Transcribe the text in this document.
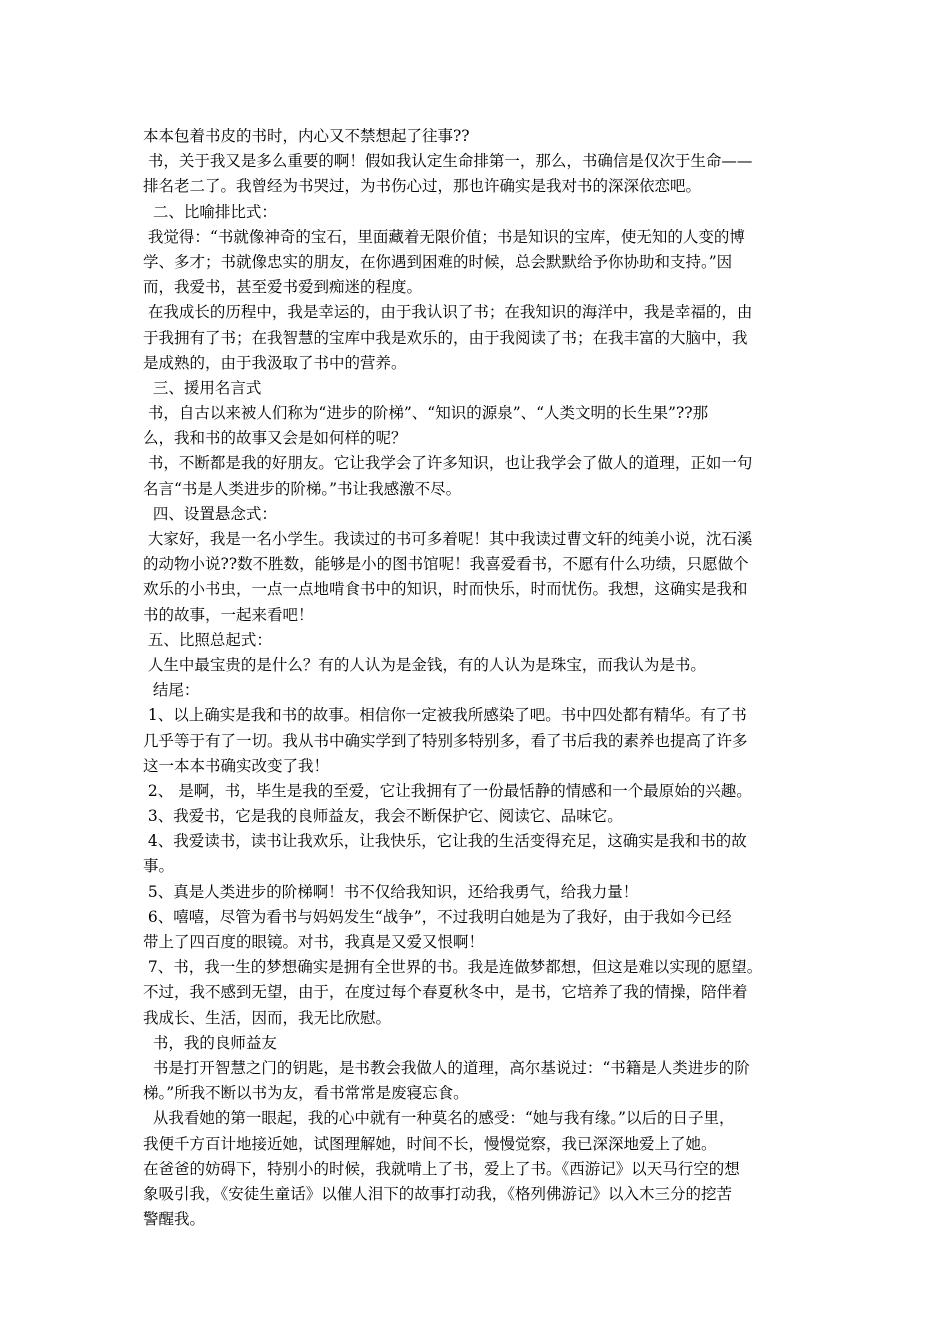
本本包着书皮的书时，内心又不禁想起了往事??
书，关于我又是多么重要的啊！假如我认定生命排第一，那么，书确信是仅次于生命——
排名老二了。我曾经为书哭过，为书伤心过，那也许确实是我对书的深深依恋吧。
二、比喻排比式：
我觉得：“书就像神奇的宝石，里面藏着无限价值；书是知识的宝库，使无知的人变的博
学、多才；书就像忠实的朋友，在你遇到困难的时候，总会默默给予你协助和支持。”因
而，我爱书，甚至爱书爱到痴迷的程度。
在我成长的历程中，我是幸运的，由于我认识了书；在我知识的海洋中，我是幸福的，由
于我拥有了书；在我智慧的宝库中我是欢乐的，由于我阅读了书；在我丰富的大脑中，我
是成熟的，由于我汲取了书中的营养。
三、援用名言式
书，自古以来被人们称为“进步的阶梯”、“知识的源泉”、“人类文明的长生果”??那
么，我和书的故事又会是如何样的呢？
书，不断都是我的好朋友。它让我学会了许多知识，也让我学会了做人的道理，正如一句
名言“书是人类进步的阶梯。”书让我感激不尽。
四、设置悬念式：
大家好，我是一名小学生。我读过的书可多着呢！其中我读过曹文轩的纯美小说，沈石溪
的动物小说??数不胜数，能够是小的图书馆呢！我喜爱看书，不愿有什么功绩，只愿做个
欢乐的小书虫，一点一点地啃食书中的知识，时而快乐，时而忧伤。我想，这确实是我和
书的故事，一起来看吧！
五、比照总起式：
人生中最宝贵的是什么？有的人认为是金钱，有的人认为是珠宝，而我认为是书。
结尾：
1、以上确实是我和书的故事。相信你一定被我所感染了吧。书中四处都有精华。有了书
几乎等于有了一切。我从书中确实学到了特别多特别多，看了书后我的素养也提高了许多
这一本本书确实改变了我！
2、 是啊，书，毕生是我的至爱，它让我拥有了一份最恬静的情感和一个最原始的兴趣。
3、我爱书，它是我的良师益友，我会不断保护它、阅读它、品味它。
4、我爱读书，读书让我欢乐，让我快乐，它让我的生活变得充足，这确实是我和书的故
事。
5、真是人类进步的阶梯啊！书不仅给我知识，还给我勇气，给我力量！
6、嘻嘻，尽管为看书与妈妈发生“战争”，不过我明白她是为了我好，由于我如今已经
带上了四百度的眼镜。对书，我真是又爱又恨啊！
7、书，我一生的梦想确实是拥有全世界的书。我是连做梦都想，但这是难以实现的愿望。
不过，我不感到无望，由于，在度过每个春夏秋冬中，是书，它培养了我的情操，陪伴着
我成长、生活，因而，我无比欣慰。
书，我的良师益友
书是打开智慧之门的钥匙，是书教会我做人的道理，高尔基说过：“书籍是人类进步的阶
梯。”所我不断以书为友，看书常常是废寝忘食。
从我看她的第一眼起，我的心中就有一种莫名的感受：“她与我有缘。”以后的日子里，
我便千方百计地接近她，试图理解她，时间不长，慢慢觉察，我已深深地爱上了她。
在爸爸的妨碍下，特别小的时候，我就啃上了书，爱上了书。《西游记》以天马行空的想
象吸引我，《安徒生童话》以催人泪下的故事打动我，《格列佛游记》以入木三分的挖苦
警醒我。
